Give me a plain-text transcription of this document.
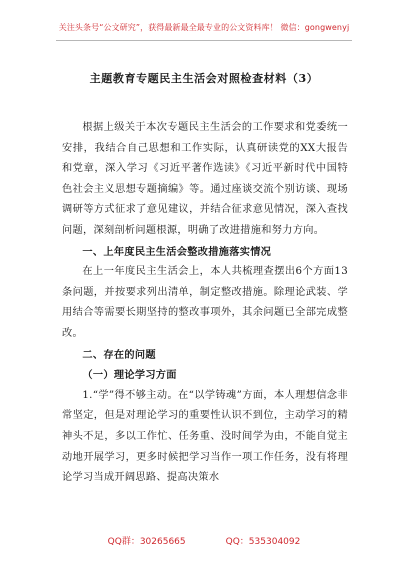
关注头条号“公文研究”，获得最新最全最专业的公文资料库！ 微信：gongwenyj
主题教育专题民主生活会对照检查材料（3）

根据上级关于本次专题民主生活会的工作要求和党委统一安排，我结合自己思想和工作实际，认真研读党的XX大报告和党章，深入学习《习近平著作选读》《习近平新时代中国特色社会主义思想专题摘编》等。通过座谈交流个别访谈、现场调研等方式征求了意见建议，并结合征求意见情况，深入查找问题，深刻剖析问题根源，明确了改进措施和努力方向。

一、上年度民主生活会整改措施落实情况

在上一年度民主生活会上，本人共梳理查摆出6个方面13条问题，并按要求列出清单，制定整改措施。除理论武装、学用结合等需要长期坚持的整改事项外，其余问题已全部完成整改。

二、存在的问题

（一）理论学习方面

1.“学”得不够主动。在“以学铸魂”方面，本人理想信念非常坚定，但是对理论学习的重要性认识不到位，主动学习的精神头不足，多以工作忙、任务重、没时间学为由，不能自觉主动地开展学习，更多时候把学习当作一项工作任务，没有将理论学习当成开阔思路、提高决策水

QQ群：30265665	QQ：535304092
